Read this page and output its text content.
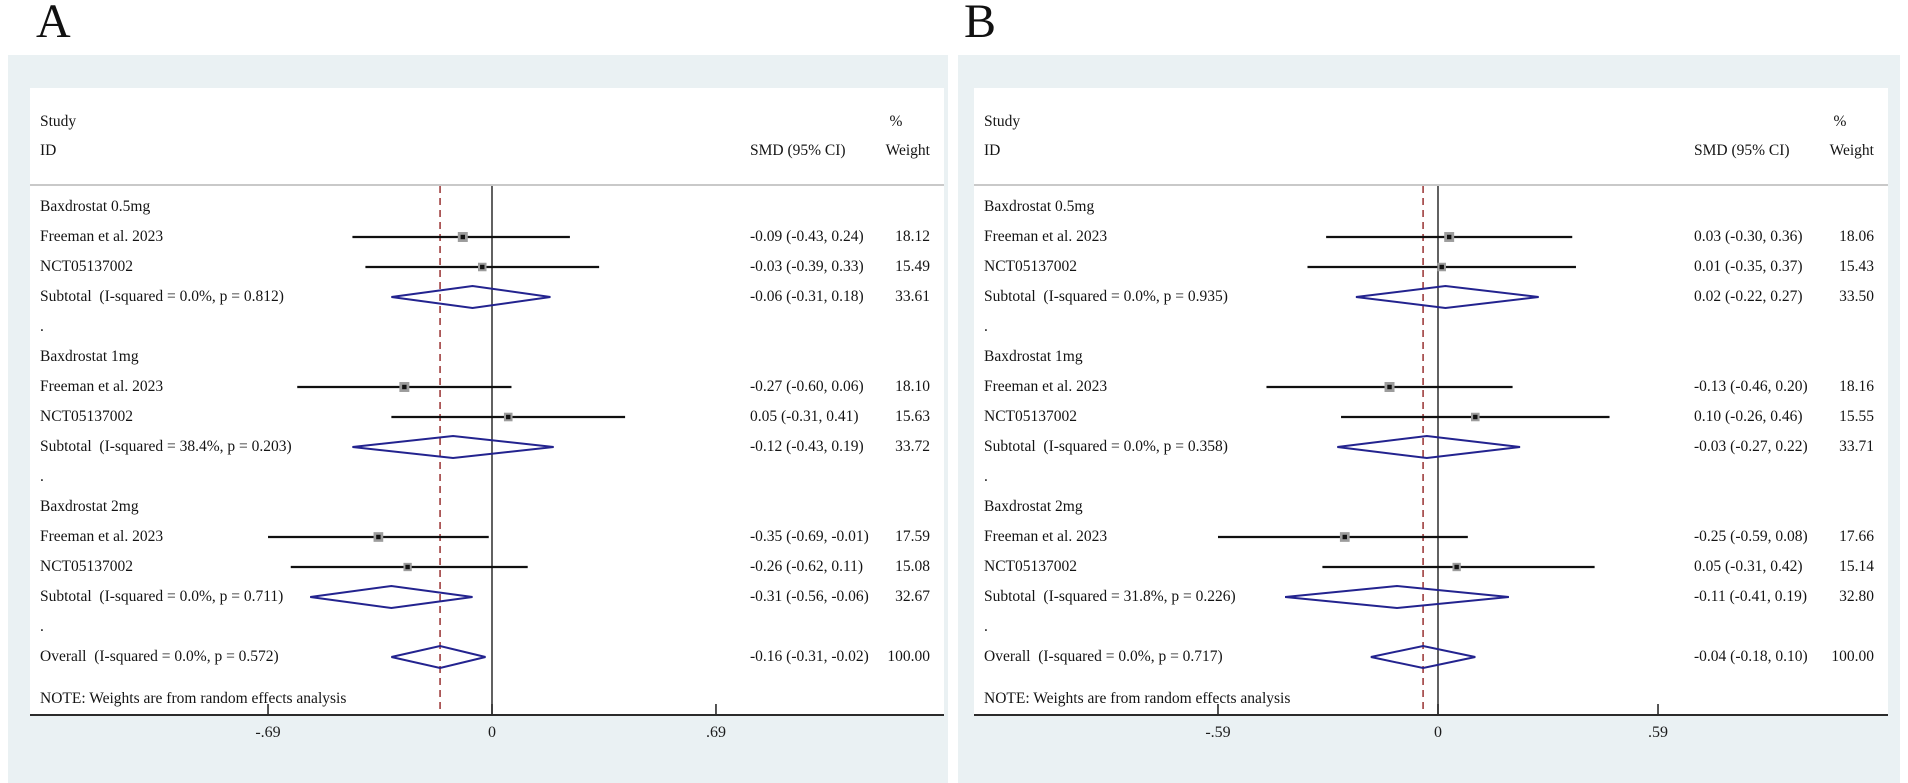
A	B
Study
ID	SMD (95% CI)
%
Weight
NOTE: Weights are from random effects analysis
Baxdrostat 0.5mg
Freeman et al. 2023	-0.09 (-0.43, 0.24)	18.12
NCT05137002	-0.03 (-0.39, 0.33)	15.49
Subtotal  (I-squared = 0.0%, p = 0.812)	-0.06 (-0.31, 0.18)	33.61
.
Baxdrostat 1mg
Freeman et al. 2023	-0.27 (-0.60, 0.06)	18.10
NCT05137002	0.05 (-0.31, 0.41)	15.63
Subtotal  (I-squared = 38.4%, p = 0.203)	-0.12 (-0.43, 0.19)	33.72
.
Baxdrostat 2mg
Freeman et al. 2023	-0.35 (-0.69, -0.01)	17.59
NCT05137002	-0.26 (-0.62, 0.11)	15.08
Subtotal  (I-squared = 0.0%, p = 0.711)	-0.31 (-0.56, -0.06)	32.67
.
Overall  (I-squared = 0.0%, p = 0.572)	-0.16 (-0.31, -0.02)	100.00
-.69	0	.69
Study
ID	SMD (95% CI)
%
Weight
NOTE: Weights are from random effects analysis
Baxdrostat 0.5mg
Freeman et al. 2023	0.03 (-0.30, 0.36)	18.06
NCT05137002	0.01 (-0.35, 0.37)	15.43
Subtotal  (I-squared = 0.0%, p = 0.935)	0.02 (-0.22, 0.27)	33.50
.
Baxdrostat 1mg
Freeman et al. 2023	-0.13 (-0.46, 0.20)	18.16
NCT05137002	0.10 (-0.26, 0.46)	15.55
Subtotal  (I-squared = 0.0%, p = 0.358)	-0.03 (-0.27, 0.22)	33.71
.
Baxdrostat 2mg
Freeman et al. 2023	-0.25 (-0.59, 0.08)	17.66
NCT05137002	0.05 (-0.31, 0.42)	15.14
Subtotal  (I-squared = 31.8%, p = 0.226)	-0.11 (-0.41, 0.19)	32.80
.
Overall  (I-squared = 0.0%, p = 0.717)	-0.04 (-0.18, 0.10)	100.00
-.59	0	.59
